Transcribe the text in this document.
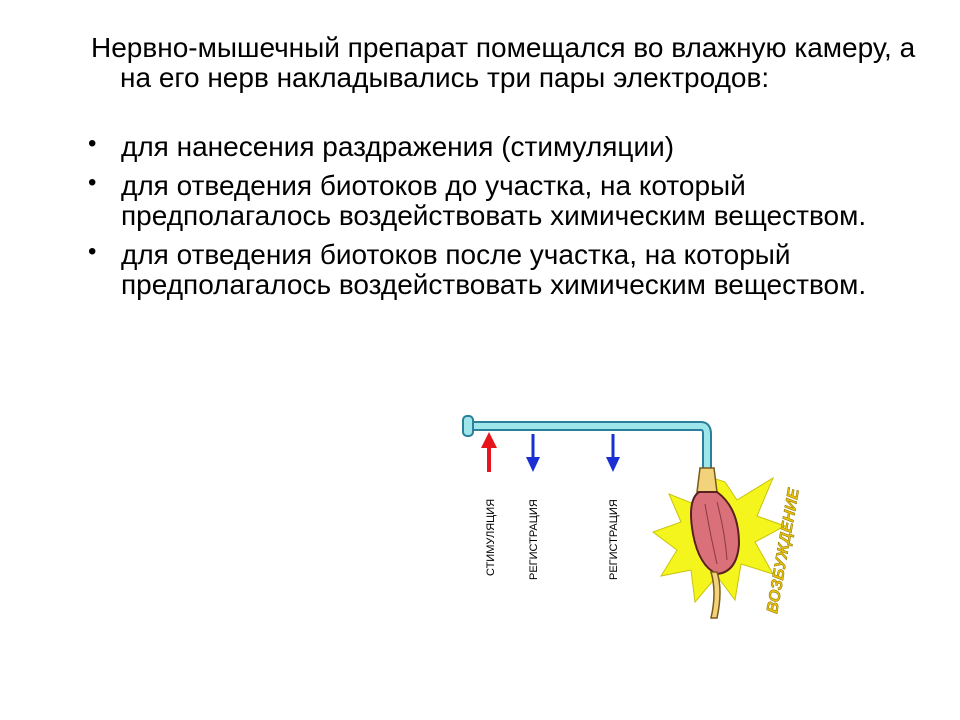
Нервно-мышечный препарат помещался во влажную камеру, а на его нерв накладывались три пары электродов:

• для нанесения раздражения (стимуляции)
• для отведения биотоков до участка, на который предполагалось воздействовать химическим веществом.
• для отведения биотоков после участка, на который предполагалось воздействовать химическим веществом.
СТИМУЛЯЦИЯ	РЕГИСТРАЦИЯ	РЕГИСТРАЦИЯ	ВОЗБУЖДЕНИЕ
